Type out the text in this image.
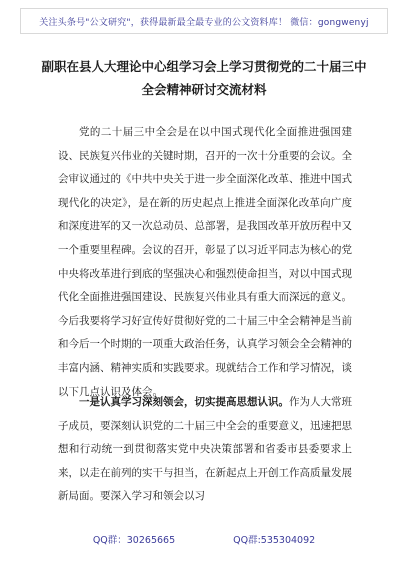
关注头条号"公文研究"，获得最新最全最专业的公文资料库！ 微信：gongwenyj
副职在县人大理论中心组学习会上学习贯彻党的二十届三中全会精神研讨交流材料
党的二十届三中全会是在以中国式现代化全面推进强国建设、民族复兴伟业的关键时期，召开的一次十分重要的会议。全会审议通过的《中共中央关于进一步全面深化改革、推进中国式现代化的决定》，是在新的历史起点上推进全面深化改革向广度和深度进军的又一次总动员、总部署，是我国改革开放历程中又一个重要里程碑。会议的召开，彰显了以习近平同志为核心的党中央将改革进行到底的坚强决心和强烈使命担当，对以中国式现代化全面推进强国建设、民族复兴伟业具有重大而深远的意义。今后我要将学习好宣传好贯彻好党的二十届三中全会精神是当前和今后一个时期的一项重大政治任务，认真学习领会全会精神的丰富内涵、精神实质和实践要求。现就结合工作和学习情况，谈以下几点认识及体会。
一是认真学习深刻领会，切实提高思想认识。作为人大常班子成员，要深刻认识党的二十届三中全会的重要意义，迅速把思想和行动统一到贯彻落实党中央决策部署和省委市县委要求上来，以走在前列的实干与担当，在新起点上开创工作高质量发展新局面。要深入学习和领会以习
QQ群：30265665	QQ群:535304092
